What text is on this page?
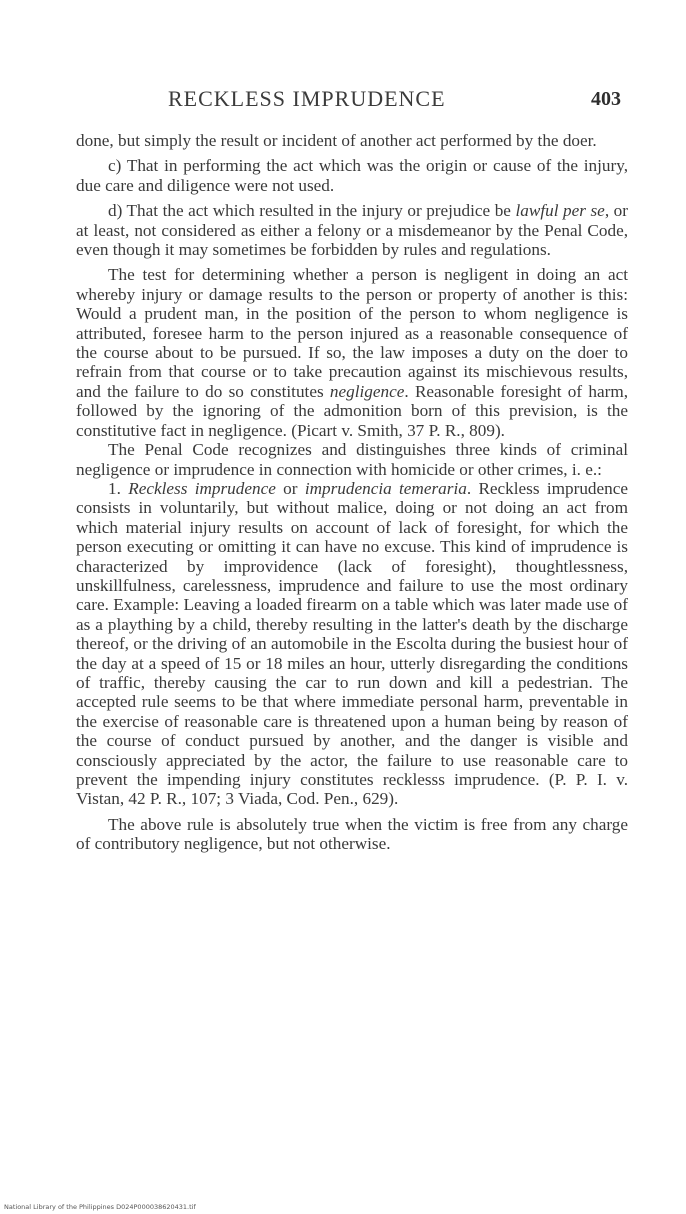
RECKLESS IMPRUDENCE	403

done, but simply the result or incident of another act performed by the doer.

c) That in performing the act which was the origin or cause of the injury, due care and diligence were not used.

d) That the act which resulted in the injury or prejudice be lawful per se, or at least, not considered as either a felony or a misdemeanor by the Penal Code, even though it may sometimes be forbidden by rules and regulations.

The test for determining whether a person is negligent in doing an act whereby injury or damage results to the person or property of another is this: Would a prudent man, in the position of the person to whom negligence is attributed, foresee harm to the person injured as a reasonable consequence of the course about to be pursued. If so, the law imposes a duty on the doer to refrain from that course or to take precaution against its mischievous results, and the failure to do so constitutes negligence. Reasonable foresight of harm, followed by the ignoring of the admonition born of this prevision, is the constitutive fact in negligence. (Picart v. Smith, 37 P. R., 809).

The Penal Code recognizes and distinguishes three kinds of criminal negligence or imprudence in connection with homicide or other crimes, i. e.:

1. Reckless imprudence or imprudencia temeraria. Reckless imprudence consists in voluntarily, but without malice, doing or not doing an act from which material injury results on account of lack of foresight, for which the person executing or omitting it can have no excuse. This kind of imprudence is characterized by improvidence (lack of foresight), thoughtlessness, unskillfulness, carelessness, imprudence and failure to use the most ordinary care. Example: Leaving a loaded firearm on a table which was later made use of as a plaything by a child, thereby resulting in the latter's death by the discharge thereof, or the driving of an automobile in the Escolta during the busiest hour of the day at a speed of 15 or 18 miles an hour, utterly disregarding the conditions of traffic, thereby causing the car to run down and kill a pedestrian. The accepted rule seems to be that where immediate personal harm, preventable in the exercise of reasonable care is threatened upon a human being by reason of the course of conduct pursued by another, and the danger is visible and consciously appreciated by the actor, the failure to use reasonable care to prevent the impending injury constitutes recklesss imprudence. (P. P. I. v. Vistan, 42 P. R., 107; 3 Viada, Cod. Pen., 629).

The above rule is absolutely true when the victim is free from any charge of contributory negligence, but not otherwise.

National Library of the Philippines D024P000038620431.tif
